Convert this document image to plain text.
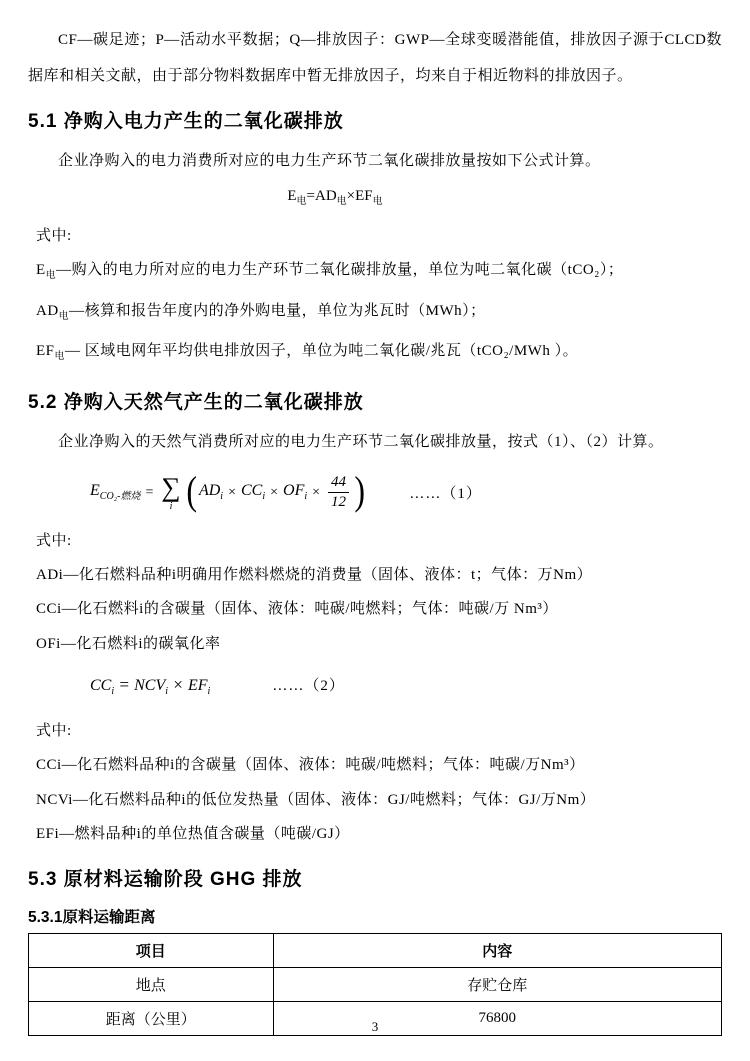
CF—碳足迹；P—活动水平数据；Q—排放因子：GWP—全球变暖潜能值，排放因子源于CLCD数据库和相关文献，由于部分物料数据库中暂无排放因子，均来自于相近物料的排放因子。
5.1 净购入电力产生的二氧化碳排放
企业净购入的电力消费所对应的电力生产环节二氧化碳排放量按如下公式计算。
$E_电=AD_电\times EF_电$
式中:
$E_电—$购入的电力所对应的电力生产环节二氧化碳排放量，单位为吨二氧化碳（tCO₂）；
$AD_电—$核算和报告年度内的净外购电量，单位为兆瓦时（MWh）；
$EF_电—$ 区域电网年平均供电排放因子，单位为吨二氧化碳/兆瓦（tCO₂/MWh ）。
5.2 净购入天然气产生的二氧化碳排放
企业净购入的天然气消费所对应的电力生产环节二氧化碳排放量，按式（1）、（2）计算。
$E_{CO_2-燃烧}$ = ∑
i ( $AD_i \times CC_i \times OF_i \times \frac{44}{12}$ )	……（1）
式中:
ADi—化石燃料品种i明确用作燃料燃烧的消费量（固体、液体：t；气体：万Nm）
CCi—化石燃料i的含碳量（固体、液体：吨碳/吨燃料；气体：吨碳/万 Nm³）
OFi—化石燃料i的碳氧化率
$CC_i = NCV_i \times EF_i$	……（2）
式中:
CCi—化石燃料品种i的含碳量（固体、液体：吨碳/吨燃料；气体：吨碳/万Nm³）
NCVi—化石燃料品种i的低位发热量（固体、液体：GJ/吨燃料；气体：GJ/万Nm）
EFi—燃料品种i的单位热值含碳量（吨碳/GJ）
5.3 原材料运输阶段 GHG 排放
5.3.1原料运输距离
项目	内容
地点	存贮仓库
距离（公里）	76800
3
